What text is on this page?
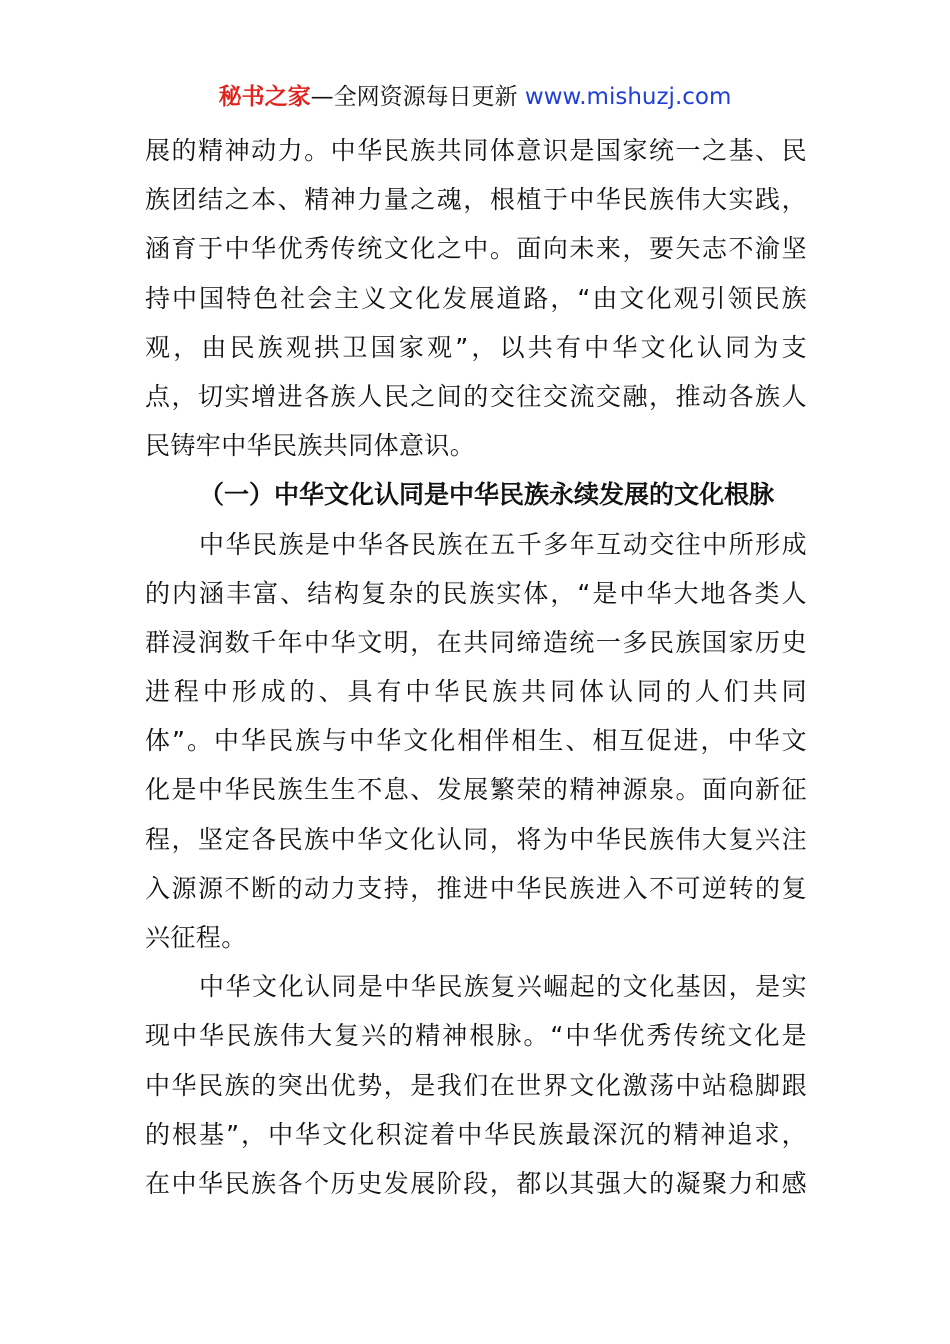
秘书之家—全网资源每日更新 www.mishuzj.com
展的精神动力。中华民族共同体意识是国家统一之基、民
族团结之本、精神力量之魂，根植于中华民族伟大实践，
涵育于中华优秀传统文化之中。面向未来，要矢志不渝坚
持中国特色社会主义文化发展道路，“由文化观引领民族
观，由民族观拱卫国家观”，以共有中华文化认同为支
点，切实增进各族人民之间的交往交流交融，推动各族人
民铸牢中华民族共同体意识。
（一）中华文化认同是中华民族永续发展的文化根脉
中华民族是中华各民族在五千多年互动交往中所形成
的内涵丰富、结构复杂的民族实体，“是中华大地各类人
群浸润数千年中华文明，在共同缔造统一多民族国家历史
进程中形成的、具有中华民族共同体认同的人们共同
体”。中华民族与中华文化相伴相生、相互促进，中华文
化是中华民族生生不息、发展繁荣的精神源泉。面向新征
程，坚定各民族中华文化认同，将为中华民族伟大复兴注
入源源不断的动力支持，推进中华民族进入不可逆转的复
兴征程。
中华文化认同是中华民族复兴崛起的文化基因，是实
现中华民族伟大复兴的精神根脉。“中华优秀传统文化是
中华民族的突出优势，是我们在世界文化激荡中站稳脚跟
的根基”，中华文化积淀着中华民族最深沉的精神追求，
在中华民族各个历史发展阶段，都以其强大的凝聚力和感
